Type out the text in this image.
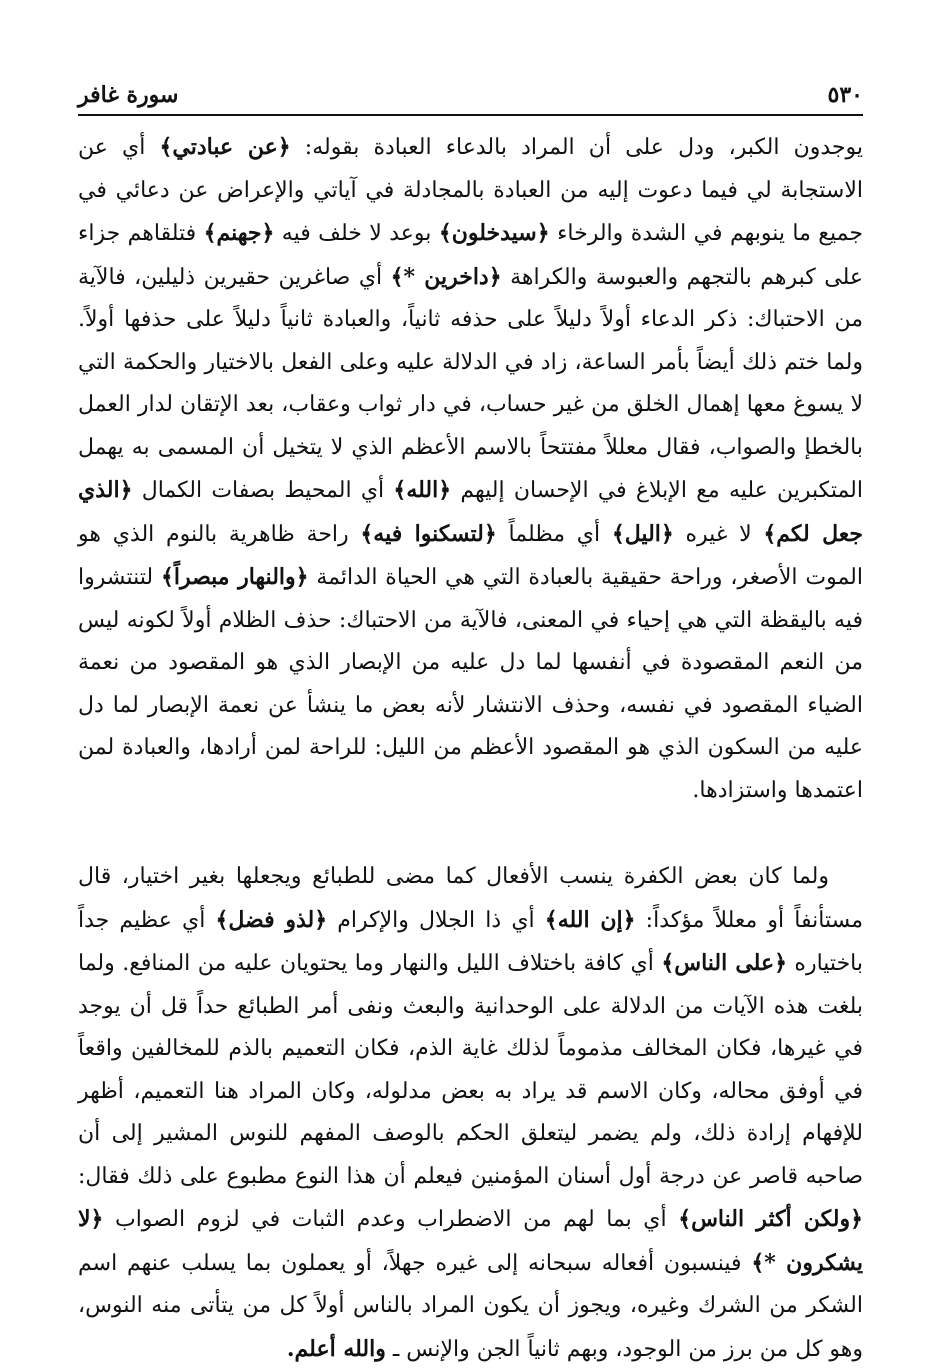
٥٣٠
سورة غافر

يوجدون الكبر، ودل على أن المراد بالدعاء العبادة بقوله: ﴿عن عبادتي﴾ أي عن الاستجابة لي فيما دعوت إليه من العبادة بالمجادلة في آياتي والإعراض عن دعائي في جميع ما ينوبهم في الشدة والرخاء ﴿سيدخلون﴾ بوعد لا خلف فيه ﴿جهنم﴾ فتلقاهم جزاء على كبرهم بالتجهم والعبوسة والكراهة ﴿داخرين *﴾ أي صاغرين حقيرين ذليلين، فالآية من الاحتباك: ذكر الدعاء أولاً دليلاً على حذفه ثانياً، والعبادة ثانياً دليلاً على حذفها أولاً. ولما ختم ذلك أيضاً بأمر الساعة، زاد في الدلالة عليه وعلى الفعل بالاختيار والحكمة التي لا يسوغ معها إهمال الخلق من غير حساب، في دار ثواب وعقاب، بعد الإتقان لدار العمل بالخطإ والصواب، فقال معللاً مفتتحاً بالاسم الأعظم الذي لا يتخيل أن المسمى به يهمل المتكبرين عليه مع الإبلاغ في الإحسان إليهم ﴿الله﴾ أي المحيط بصفات الكمال ﴿الذي جعل لكم﴾ لا غيره ﴿اليل﴾ أي مظلماً ﴿لتسكنوا فيه﴾ راحة ظاهرية بالنوم الذي هو الموت الأصغر، وراحة حقيقية بالعبادة التي هي الحياة الدائمة ﴿والنهار مبصراً﴾ لتنتشروا فيه باليقظة التي هي إحياء في المعنى، فالآية من الاحتباك: حذف الظلام أولاً لكونه ليس من النعم المقصودة في أنفسها لما دل عليه من الإبصار الذي هو المقصود من نعمة الضياء المقصود في نفسه، وحذف الانتشار لأنه بعض ما ينشأ عن نعمة الإبصار لما دل عليه من السكون الذي هو المقصود الأعظم من الليل: للراحة لمن أرادها، والعبادة لمن اعتمدها واستزادها.

ولما كان بعض الكفرة ينسب الأفعال كما مضى للطبائع ويجعلها بغير اختيار، قال مستأنفاً أو معللاً مؤكداً: ﴿إن الله﴾ أي ذا الجلال والإكرام ﴿لذو فضل﴾ أي عظيم جداً باختياره ﴿على الناس﴾ أي كافة باختلاف الليل والنهار وما يحتويان عليه من المنافع. ولما بلغت هذه الآيات من الدلالة على الوحدانية والبعث ونفى أمر الطبائع حداً قل أن يوجد في غيرها، فكان المخالف مذموماً لذلك غاية الذم، فكان التعميم بالذم للمخالفين واقعاً في أوفق محاله، وكان الاسم قد يراد به بعض مدلوله، وكان المراد هنا التعميم، أظهر للإفهام إرادة ذلك، ولم يضمر ليتعلق الحكم بالوصف المفهم للنوس المشير إلى أن صاحبه قاصر عن درجة أول أسنان المؤمنين فيعلم أن هذا النوع مطبوع على ذلك فقال: ﴿ولكن أكثر الناس﴾ أي بما لهم من الاضطراب وعدم الثبات في لزوم الصواب ﴿لا يشكرون *﴾ فينسبون أفعاله سبحانه إلى غيره جهلاً، أو يعملون بما يسلب عنهم اسم الشكر من الشرك وغيره، ويجوز أن يكون المراد بالناس أولاً كل من يتأتى منه النوس، وهو كل من برز من الوجود، وبهم ثانياً الجن والإنس ـ والله أعلم.
